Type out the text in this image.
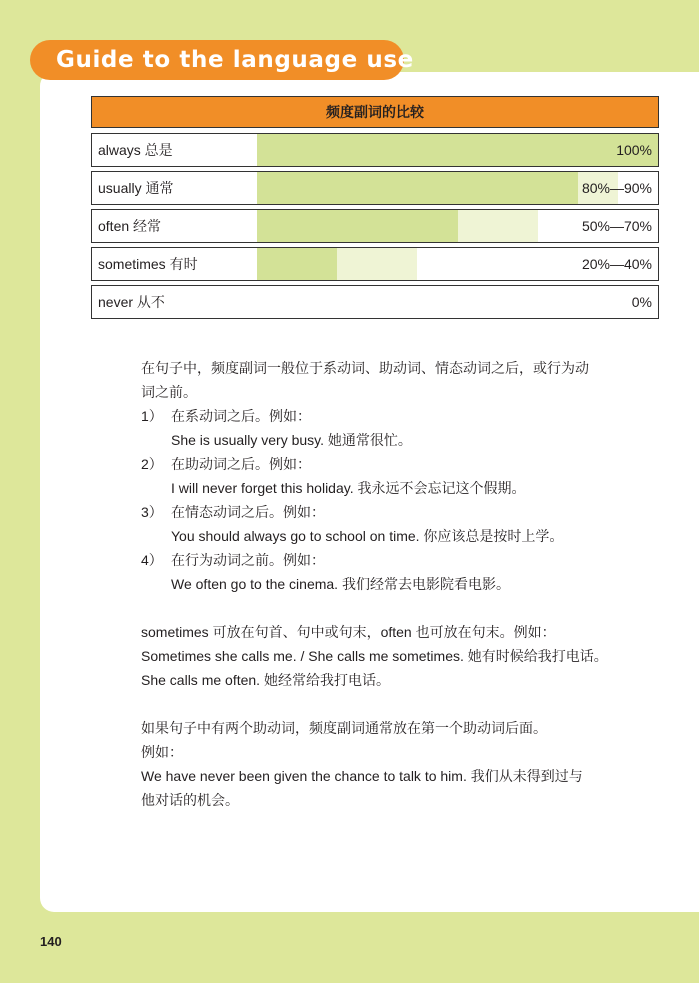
Guide to the language use
频度副词的比较
always 总是	100%
usually 通常	80%—90%
often 经常	50%—70%
sometimes 有时	20%—40%
never 从不	0%

在句子中，频度副词一般位于系动词、助动词、情态动词之后，或行为动

词之前。

1） 在系动词之后。例如：

She is usually very busy. 她通常很忙。

2） 在助动词之后。例如：

I will never forget this holiday. 我永远不会忘记这个假期。

3） 在情态动词之后。例如：

You should always go to school on time. 你应该总是按时上学。

4） 在行为动词之前。例如：

We often go to the cinema. 我们经常去电影院看电影。

sometimes 可放在句首、句中或句末，often 也可放在句末。例如：

Sometimes she calls me. / She calls me sometimes. 她有时候给我打电话。

She calls me often. 她经常给我打电话。

如果句子中有两个助动词，频度副词通常放在第一个助动词后面。

例如：

We have never been given the chance to talk to him. 我们从未得到过与

他对话的机会。

140
